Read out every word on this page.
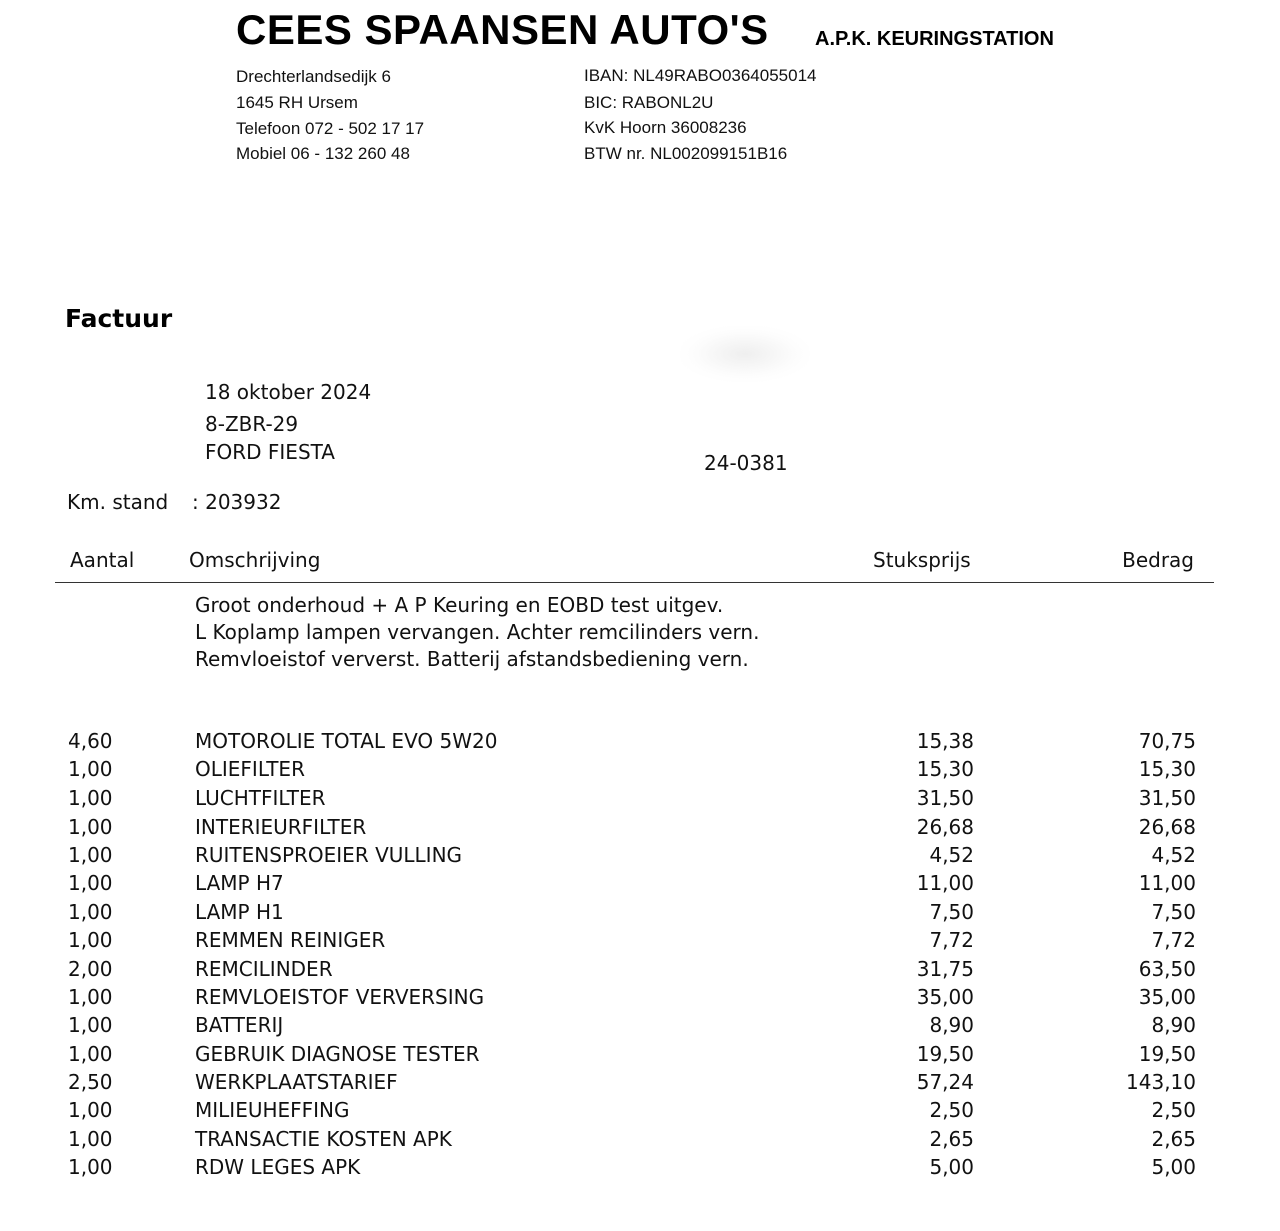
CEES SPAANSEN AUTO'S A.P.K. KEURINGSTATION
Drechterlandsedijk 6
1645 RH Ursem
Telefoon 072 - 502 17 17
Mobiel 06 - 132 260 48
IBAN: NL49RABO0364055014
BIC: RABONL2U
KvK Hoorn 36008236
BTW nr. NL002099151B16
Factuur
18 oktober 2024
8-ZBR-29
FORD FIESTA	24-0381
Km. stand : 203932
Aantal	Omschrijving	Stuksprijs	Bedrag
Groot onderhoud + A P Keuring en EOBD test uitgev.
L Koplamp lampen vervangen. Achter remcilinders vern.
Remvloeistof ververst. Batterij afstandsbediening vern.
4,60	MOTOROLIE TOTAL EVO 5W20	15,38	70,75
1,00	OLIEFILTER	15,30	15,30
1,00	LUCHTFILTER	31,50	31,50
1,00	INTERIEURFILTER	26,68	26,68
1,00	RUITENSPROEIER VULLING	4,52	4,52
1,00	LAMP H7	11,00	11,00
1,00	LAMP H1	7,50	7,50
1,00	REMMEN REINIGER	7,72	7,72
2,00	REMCILINDER	31,75	63,50
1,00	REMVLOEISTOF VERVERSING	35,00	35,00
1,00	BATTERIJ	8,90	8,90
1,00	GEBRUIK DIAGNOSE TESTER	19,50	19,50
2,50	WERKPLAATSTARIEF	57,24	143,10
1,00	MILIEUHEFFING	2,50	2,50
1,00	TRANSACTIE KOSTEN APK	2,65	2,65
1,00	RDW LEGES APK	5,00	5,00
